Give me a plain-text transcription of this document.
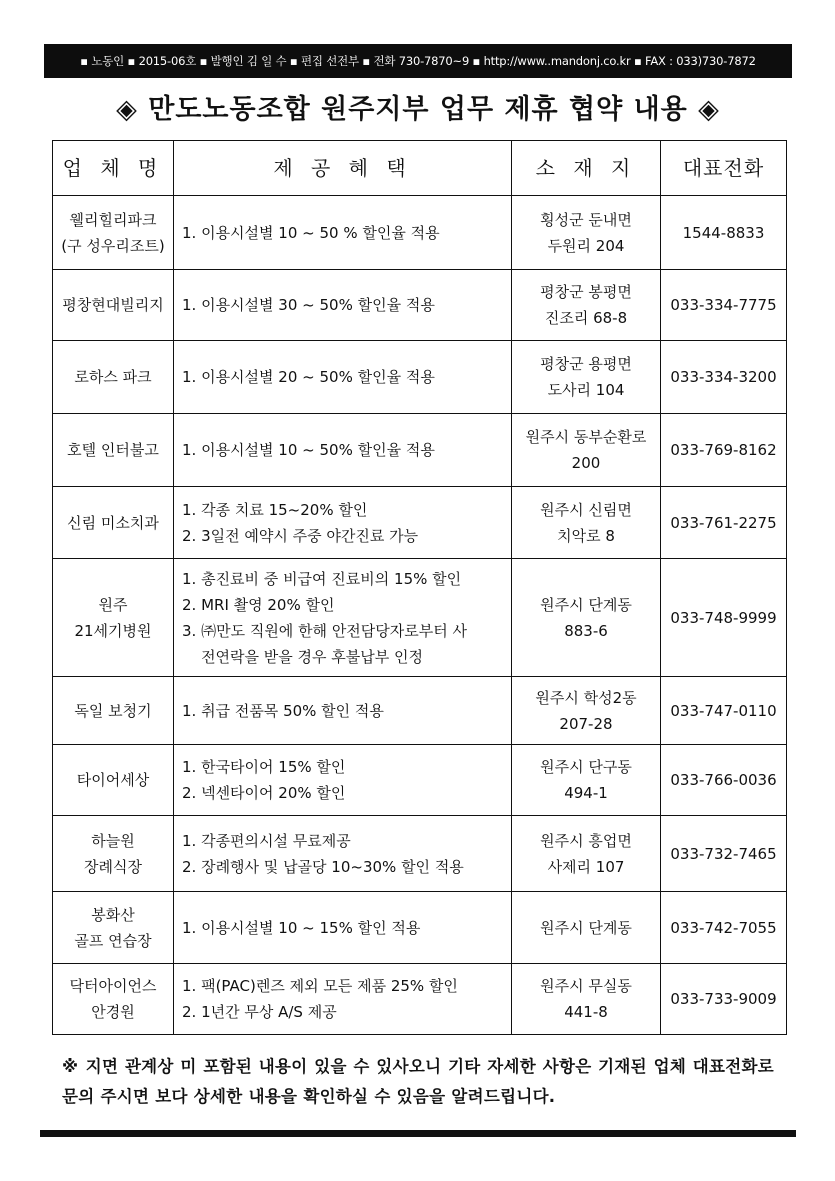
▪ 노동인 ▪ 2015-06호 ▪ 발행인 김 일 수 ▪ 편집 선전부 ▪ 전화 730-7870~9 ▪ http://www..mandonj.co.kr ▪ FAX : 033)730-7872
◈ 만도노동조합 원주지부 업무 제휴 협약 내용 ◈
업 체 명	제 공 혜 택	소 재 지	대표전화

웰리힐리파크
(구 성우리조트)	1. 이용시설별 10 ~ 50 % 할인율 적용	횡성군 둔내면
두원리 204	1544-8833

평창현대빌리지	1. 이용시설별 30 ~ 50% 할인율 적용	평창군 봉평면
진조리 68-8	033-334-7775

로하스 파크	1. 이용시설별 20 ~ 50% 할인율 적용	평창군 용평면
도사리 104	033-334-3200

호텔 인터불고	1. 이용시설별 10 ~ 50% 할인율 적용	원주시 동부순환로
200	033-769-8162

신림 미소치과	1. 각종 치료 15~20% 할인
2. 3일전 예약시 주중 야간진료 가능	원주시 신림면
치악로 8	033-761-2275

원주
21세기병원	1. 총진료비 중 비급여 진료비의 15% 할인
2. MRI 촬영 20% 할인
3. ㈜만도 직원에 한해 안전담당자로부터 사
전연락을 받을 경우 후불납부 인정	원주시 단계동
883-6	033-748-9999

독일 보청기	1. 취급 전품목 50% 할인 적용	원주시 학성2동
207-28	033-747-0110

타이어세상	1. 한국타이어 15% 할인
2. 넥센타이어 20% 할인	원주시 단구동
494-1	033-766-0036

하늘원
장례식장	1. 각종편의시설 무료제공
2. 장례행사 및 납골당 10~30% 할인 적용	원주시 흥업면
사제리 107	033-732-7465

봉화산
골프 연습장	1. 이용시설별 10 ~ 15% 할인 적용	원주시 단계동	033-742-7055

닥터아이언스
안경원	1. 팩(PAC)렌즈 제외 모든 제품 25% 할인
2. 1년간 무상 A/S 제공	원주시 무실동
441-8	033-733-9009
※ 지면 관계상 미 포함된 내용이 있을 수 있사오니 기타 자세한 사항은 기재된 업체 대표전화로 문의 주시면 보다 상세한 내용을 확인하실 수 있음을 알려드립니다.
